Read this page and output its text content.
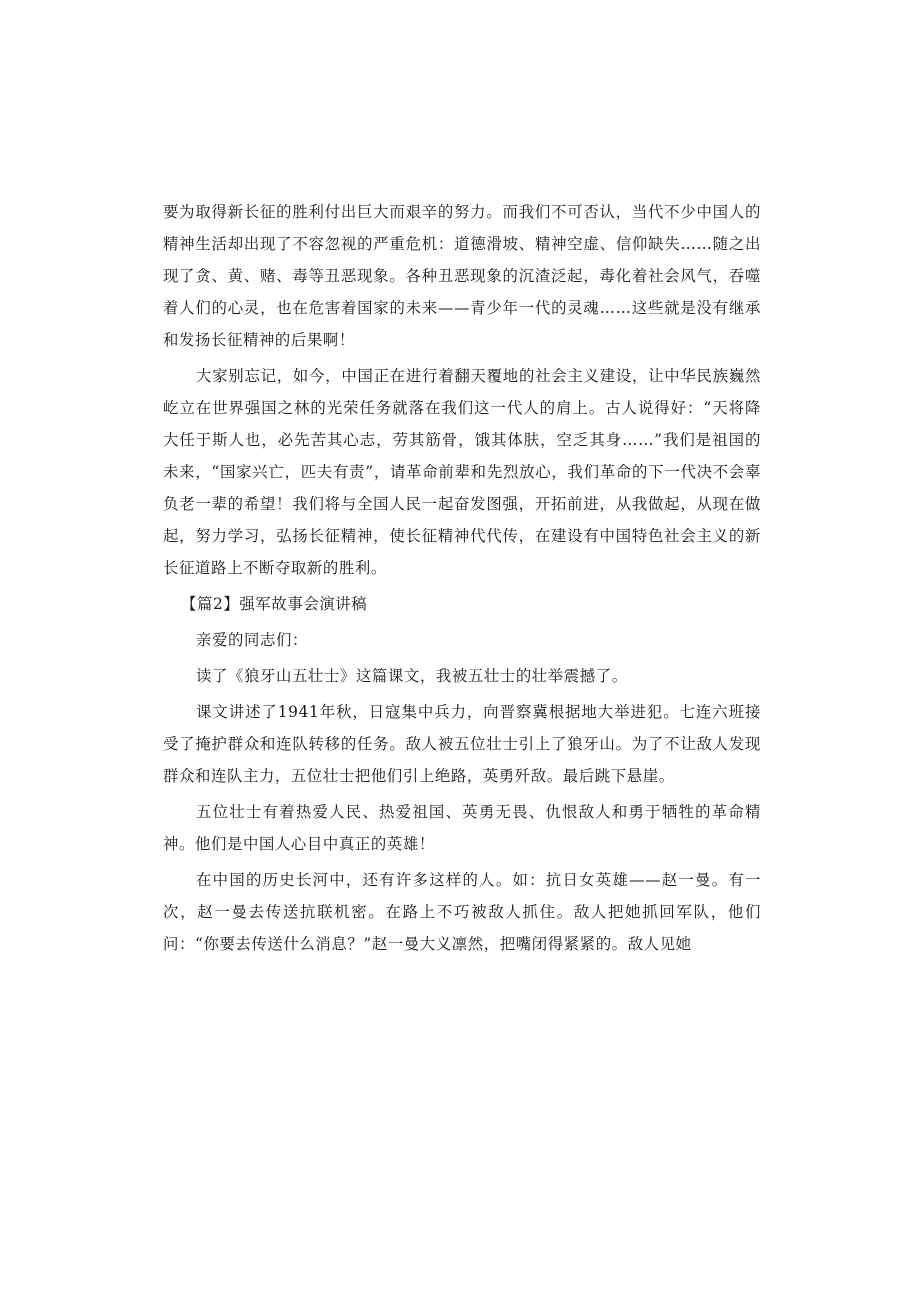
要为取得新长征的胜利付出巨大而艰辛的努力。而我们不可否认，当代不少中国人的精神生活却出现了不容忽视的严重危机：道德滑坡、精神空虚、信仰缺失……随之出现了贪、黄、赌、毒等丑恶现象。各种丑恶现象的沉渣泛起，毒化着社会风气，吞噬着人们的心灵，也在危害着国家的未来——青少年一代的灵魂……这些就是没有继承和发扬长征精神的后果啊！

大家别忘记，如今，中国正在进行着翻天覆地的社会主义建设，让中华民族巍然屹立在世界强国之林的光荣任务就落在我们这一代人的肩上。古人说得好：“天将降大任于斯人也，必先苦其心志，劳其筋骨，饿其体肤，空乏其身……”我们是祖国的未来，“国家兴亡，匹夫有责”，请革命前辈和先烈放心，我们革命的下一代决不会辜负老一辈的希望！我们将与全国人民一起奋发图强，开拓前进，从我做起，从现在做起，努力学习，弘扬长征精神，使长征精神代代传，在建设有中国特色社会主义的新长征道路上不断夺取新的胜利。

【篇2】强军故事会演讲稿

亲爱的同志们：

读了《狼牙山五壮士》这篇课文，我被五壮士的壮举震撼了。

课文讲述了1941年秋，日寇集中兵力，向晋察冀根据地大举进犯。七连六班接受了掩护群众和连队转移的任务。敌人被五位壮士引上了狼牙山。为了不让敌人发现群众和连队主力，五位壮士把他们引上绝路，英勇歼敌。最后跳下悬崖。

五位壮士有着热爱人民、热爱祖国、英勇无畏、仇恨敌人和勇于牺牲的革命精神。他们是中国人心目中真正的英雄！

在中国的历史长河中，还有许多这样的人。如：抗日女英雄——赵一曼。有一次，赵一曼去传送抗联机密。在路上不巧被敌人抓住。敌人把她抓回军队，他们问：“你要去传送什么消息？”赵一曼大义凛然，把嘴闭得紧紧的。敌人见她
